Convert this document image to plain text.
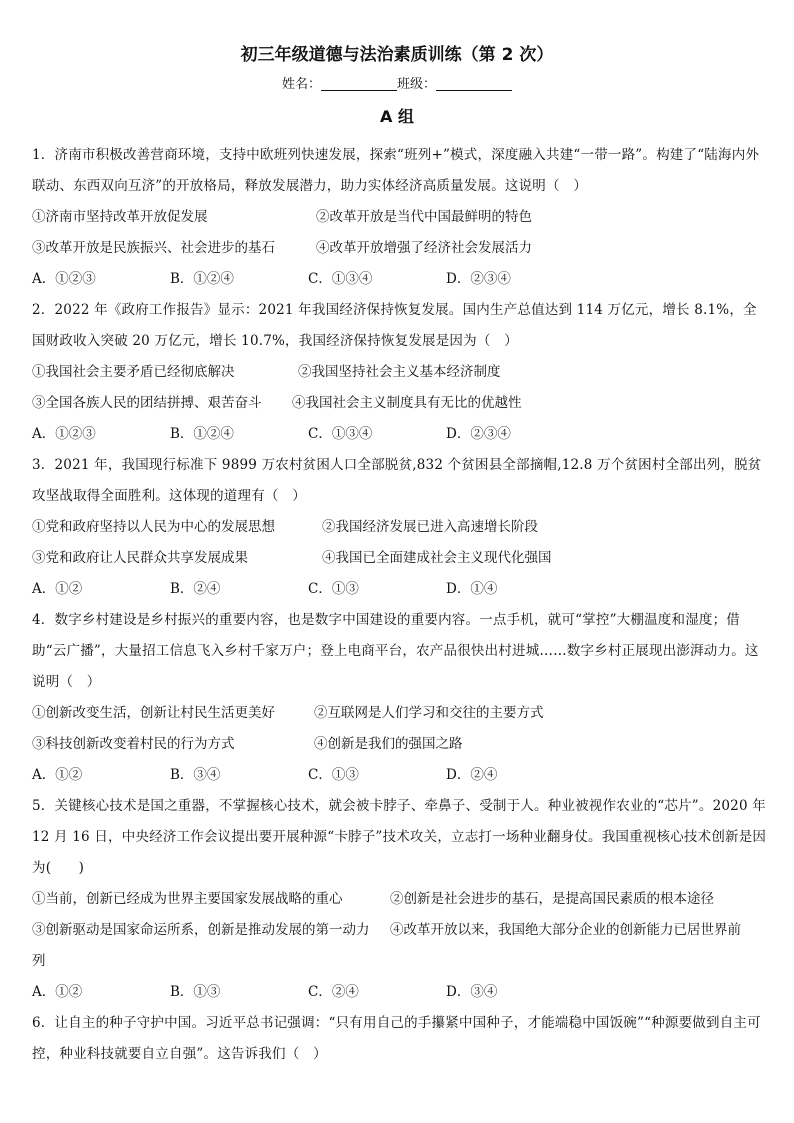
初三年级道德与法治素质训练（第 2 次）
姓名：	班级：
A 组

1．济南市积极改善营商环境，支持中欧班列快速发展，探索“班列+”模式，深度融入共建“一带一路”。构建了“陆海内外联动、东西双向互济”的开放格局，释放发展潜力，助力实体经济高质量发展。这说明（　）

①济南市坚持改革开放促发展	②改革开放是当代中国最鲜明的特色
③改革开放是民族振兴、社会进步的基石	④改革开放增强了经济社会发展活力
A．①②③	B．①②④	C．①③④	D．②③④

2．2022 年《政府工作报告》显示：2021 年我国经济保持恢复发展。国内生产总值达到 114 万亿元，增长 8.1%，全国财政收入突破 20 万亿元，增长 10.7%，我国经济保持恢复发展是因为（　）

①我国社会主要矛盾已经彻底解决	②我国坚持社会主义基本经济制度
③全国各族人民的团结拼搏、艰苦奋斗 ④我国社会主义制度具有无比的优越性
A．①②③	B．①②④	C．①③④	D．②③④

3．2021 年，我国现行标准下 9899 万农村贫困人口全部脱贫,832 个贫困县全部摘帽,12.8 万个贫困村全部出列，脱贫攻坚战取得全面胜利。这体现的道理有（　）

①党和政府坚持以人民为中心的发展思想	②我国经济发展已进入高速增长阶段
③党和政府让人民群众共享发展成果	④我国已全面建成社会主义现代化强国
A．①②	B．②④	C．①③	D．①④

4．数字乡村建设是乡村振兴的重要内容，也是数字中国建设的重要内容。一点手机，就可“掌控”大棚温度和湿度；借助“云广播”，大量招工信息飞入乡村千家万户；登上电商平台，农产品很快出村进城……数字乡村正展现出澎湃动力。这说明（　）

①创新改变生活，创新让村民生活更美好	②互联网是人们学习和交往的主要方式
③科技创新改变着村民的行为方式	④创新是我们的强国之路
A．①②	B．③④	C．①③	D．②④

5．关键核心技术是国之重器，不掌握核心技术，就会被卡脖子、牵鼻子、受制于人。种业被视作农业的“芯片”。2020 年 12 月 16 日，中央经济工作会议提出要开展种源“卡脖子”技术攻关，立志打一场种业翻身仗。我国重视核心技术创新是因为(　　)

①当前，创新已经成为世界主要国家发展战略的重心	②创新是社会进步的基石，是提高国民素质的根本途径
③创新驱动是国家命运所系，创新是推动发展的第一动力 ④改革开放以来，我国绝大部分企业的创新能力已居世界前
列
A．①②	B．①③	C．②④	D．③④

6．让自主的种子守护中国。习近平总书记强调：“只有用自己的手攥紧中国种子，才能端稳中国饭碗”“种源要做到自主可控，种业科技就要自立自强”。这告诉我们（　）
